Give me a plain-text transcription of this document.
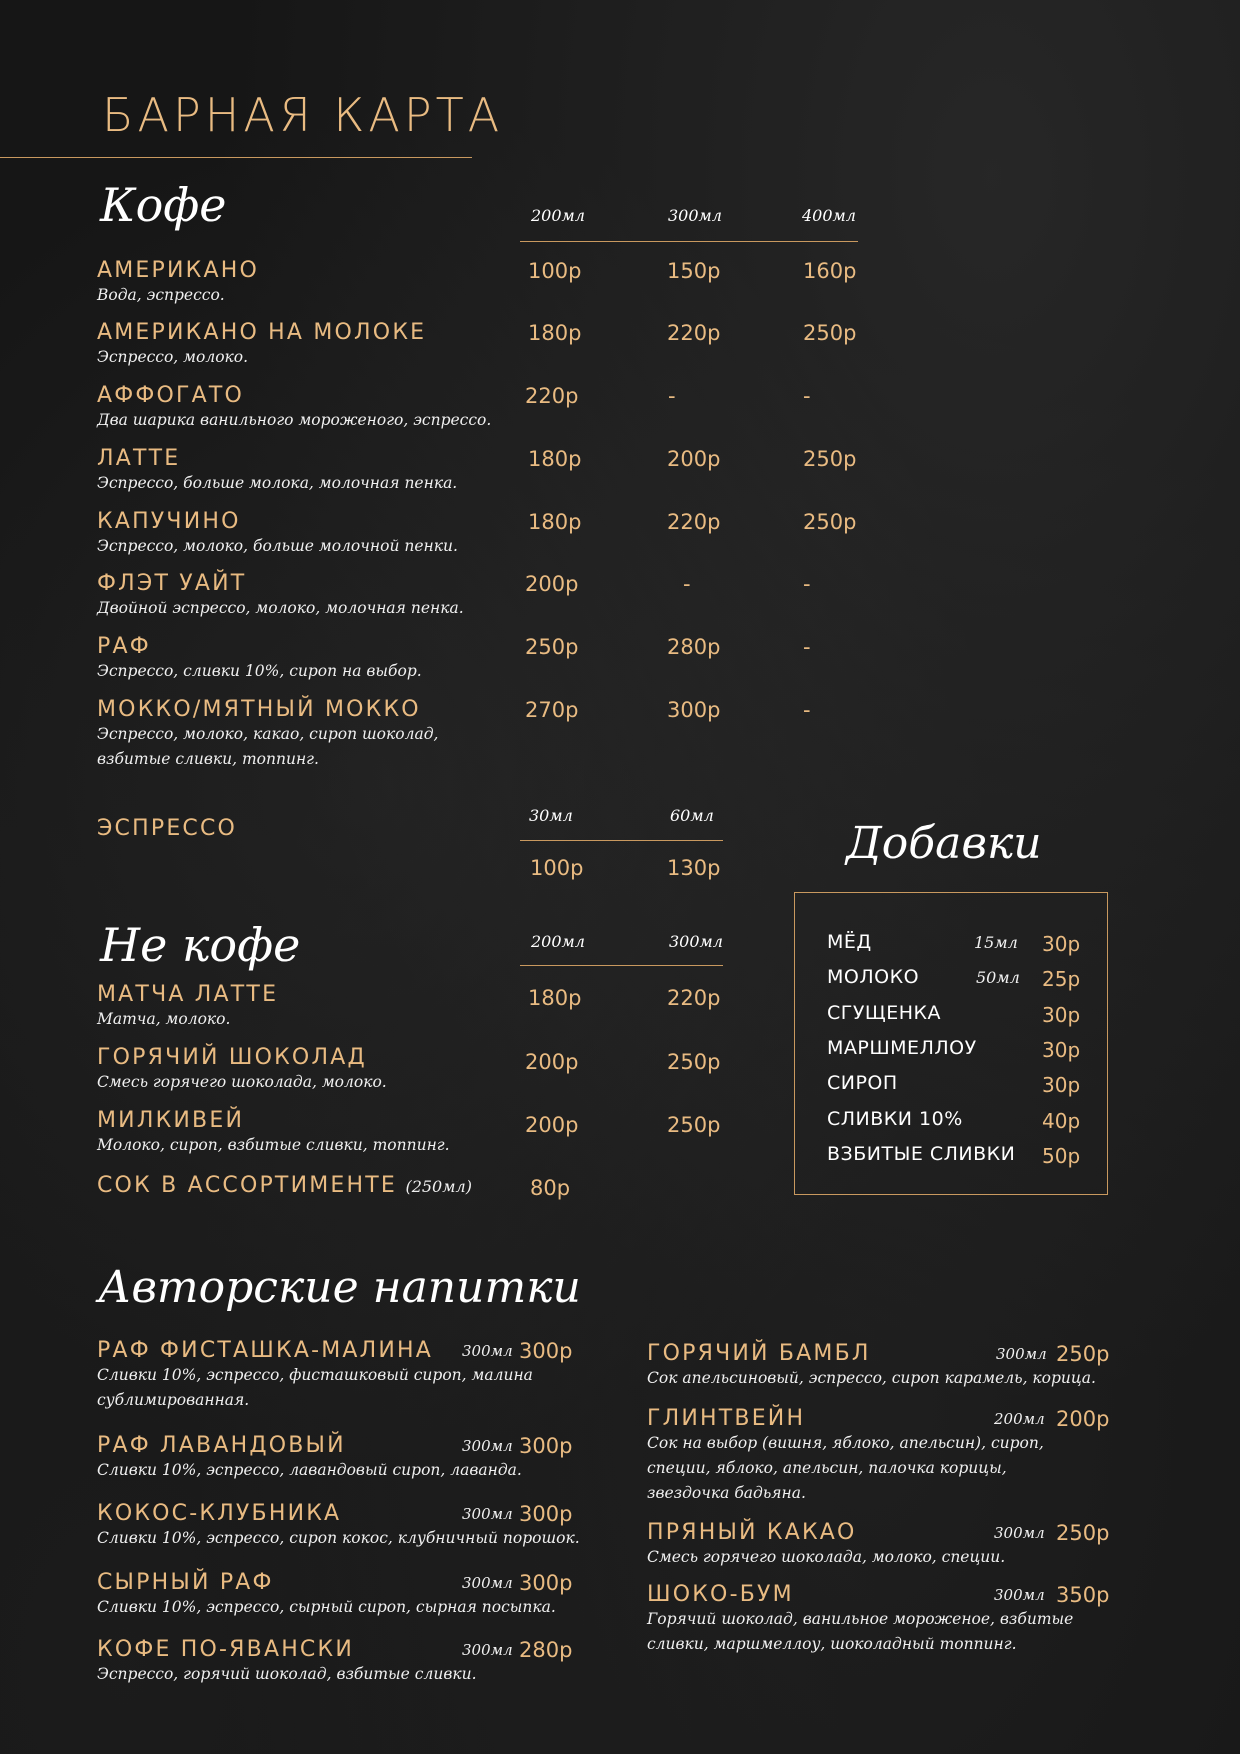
БАРНАЯ КАРТА
Кофе	200мл	300мл	400мл
АМЕРИКАНО
Вода, эспрессо.
100р	150р	160р
АМЕРИКАНО НА МОЛОКЕ
Эспрессо, молоко.
180р	220р	250р
АФФОГАТО
Два шарика ванильного мороженого, эспрессо.
220р	-	-
ЛАТТЕ
Эспрессо, больше молока, молочная пенка.
180р	200р	250р
КАПУЧИНО
Эспрессо, молоко, больше молочной пенки.
180р	220р	250р
ФЛЭТ УАЙТ
Двойной эспрессо, молоко, молочная пенка.
200р	-	-
РАФ
Эспрессо, сливки 10%, сироп на выбор.
250р	280р	-
МОККО/МЯТНЫЙ МОККО
Эспрессо, молоко, какао, сироп шоколад, взбитые сливки, топпинг.
270р	300р	-
ЭСПРЕССО
30мл	60мл
100р	130р
Не кофе	200мл	300мл
МАТЧА ЛАТТЕ
Матча, молоко.
180р	220р
ГОРЯЧИЙ ШОКОЛАД
Смесь горячего шоколада, молоко.
200р	250р
МИЛКИВЕЙ
Молоко, сироп, взбитые сливки, топпинг.
200р	250р
СОК В АССОРТИМЕНТЕ (250мл)	80р
Добавки
МЁД	15мл 30р
МОЛОКО	50мл 25р
СГУЩЕНКА	30р
МАРШМЕЛЛОУ	30р
СИРОП	30р
СЛИВКИ 10%	40р
ВЗБИТЫЕ СЛИВКИ 50р
Авторские напитки
РАФ ФИСТАШКА-МАЛИНА
Сливки 10%, эспрессо, фисташковый сироп, малина сублимированная.
300мл 300р
РАФ ЛАВАНДОВЫЙ
Сливки 10%, эспрессо, лавандовый сироп, лаванда.
300мл 300р
КОКОС-КЛУБНИКА
Сливки 10%, эспрессо, сироп кокос, клубничный порошок.
300мл 300р
СЫРНЫЙ РАФ
Сливки 10%, эспрессо, сырный сироп, сырная посыпка.
300мл 300р
КОФЕ ПО-ЯВАНСКИ
Эспрессо, горячий шоколад, взбитые сливки.
300мл 280р
ГОРЯЧИЙ БАМБЛ
Сок апельсиновый, эспрессо, сироп карамель, корица.
300мл 250р
ГЛИНТВЕЙН
Сок на выбор (вишня, яблоко, апельсин), сироп, специи, яблоко, апельсин, палочка корицы, звездочка бадьяна.
200мл 200р
ПРЯНЫЙ КАКАО
Смесь горячего шоколада, молоко, специи.
300мл 250р
ШОКО-БУМ
Горячий шоколад, ванильное мороженое, взбитые сливки, маршмеллоу, шоколадный топпинг.
300мл 350р
